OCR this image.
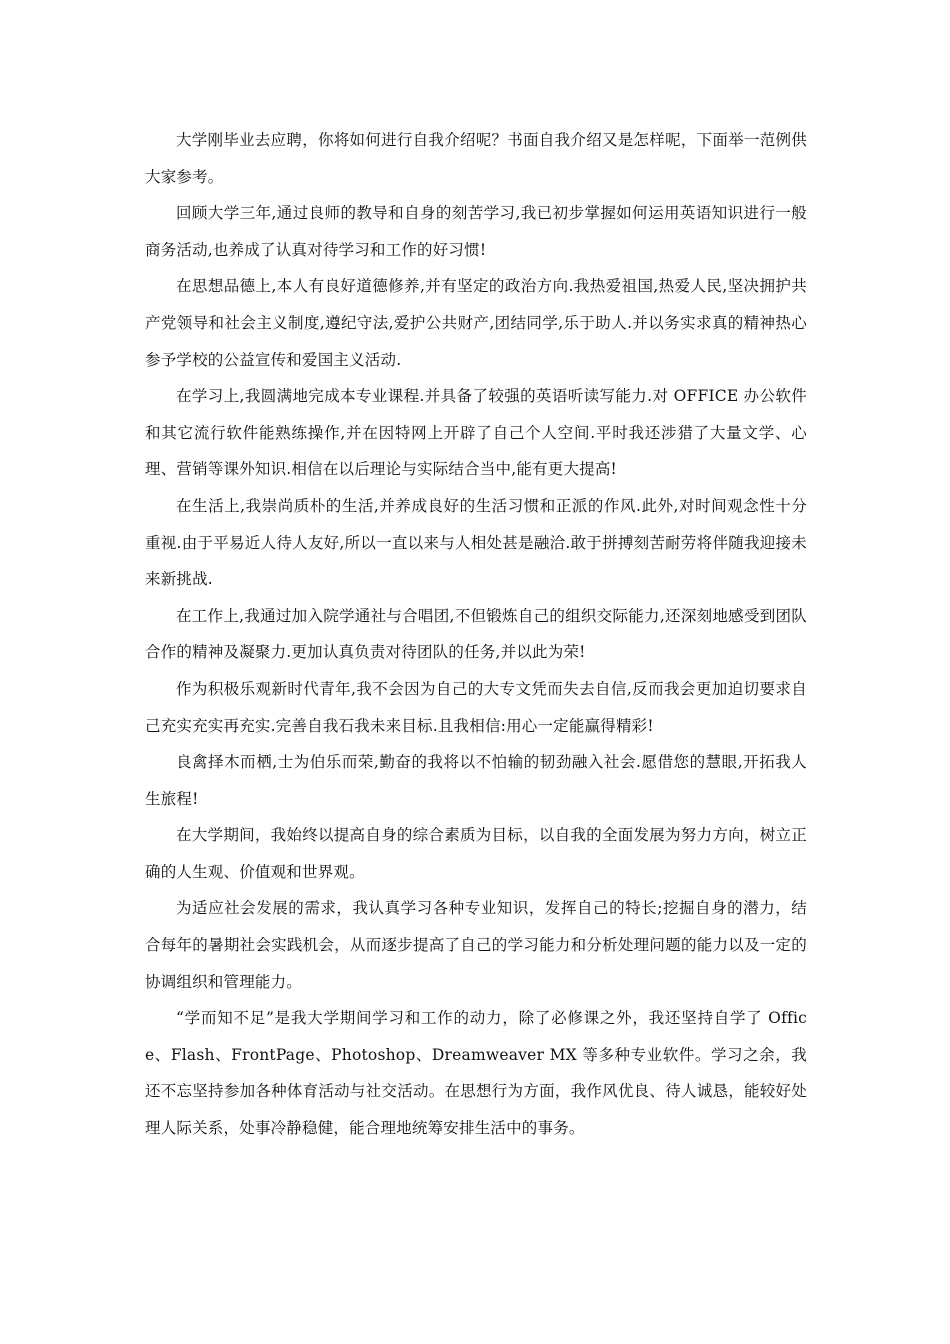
大学刚毕业去应聘，你将如何进行自我介绍呢？书面自我介绍又是怎样呢，下面举一范例供大家参考。

回顾大学三年,通过良师的教导和自身的刻苦学习,我已初步掌握如何运用英语知识进行一般商务活动,也养成了认真对待学习和工作的好习惯!

在思想品德上,本人有良好道德修养,并有坚定的政治方向.我热爱祖国,热爱人民,坚决拥护共产党领导和社会主义制度,遵纪守法,爱护公共财产,团结同学,乐于助人.并以务实求真的精神热心参予学校的公益宣传和爱国主义活动.

在学习上,我圆满地完成本专业课程.并具备了较强的英语听读写能力.对 OFFICE 办公软件和其它流行软件能熟练操作,并在因特网上开辟了自己个人空间.平时我还涉猎了大量文学、心理、营销等课外知识.相信在以后理论与实际结合当中,能有更大提高!

在生活上,我崇尚质朴的生活,并养成良好的生活习惯和正派的作风.此外,对时间观念性十分重视.由于平易近人待人友好,所以一直以来与人相处甚是融洽.敢于拼搏刻苦耐劳将伴随我迎接未来新挑战.

在工作上,我通过加入院学通社与合唱团,不但锻炼自己的组织交际能力,还深刻地感受到团队合作的精神及凝聚力.更加认真负责对待团队的任务,并以此为荣!

作为积极乐观新时代青年,我不会因为自己的大专文凭而失去自信,反而我会更加迫切要求自己充实充实再充实.完善自我石我未来目标.且我相信:用心一定能赢得精彩!

良禽择木而栖,士为伯乐而荣,勤奋的我将以不怕输的韧劲融入社会.愿借您的慧眼,开拓我人生旅程!

在大学期间，我始终以提高自身的综合素质为目标，以自我的全面发展为努力方向，树立正确的人生观、价值观和世界观。

为适应社会发展的需求，我认真学习各种专业知识，发挥自己的特长;挖掘自身的潜力，结合每年的暑期社会实践机会，从而逐步提高了自己的学习能力和分析处理问题的能力以及一定的协调组织和管理能力。

“学而知不足”是我大学期间学习和工作的动力，除了必修课之外，我还坚持自学了 Office、Flash、FrontPage、Photoshop、Dreamweaver MX 等多种专业软件。学习之余，我还不忘坚持参加各种体育活动与社交活动。在思想行为方面，我作风优良、待人诚恳，能较好处理人际关系，处事冷静稳健，能合理地统筹安排生活中的事务。
